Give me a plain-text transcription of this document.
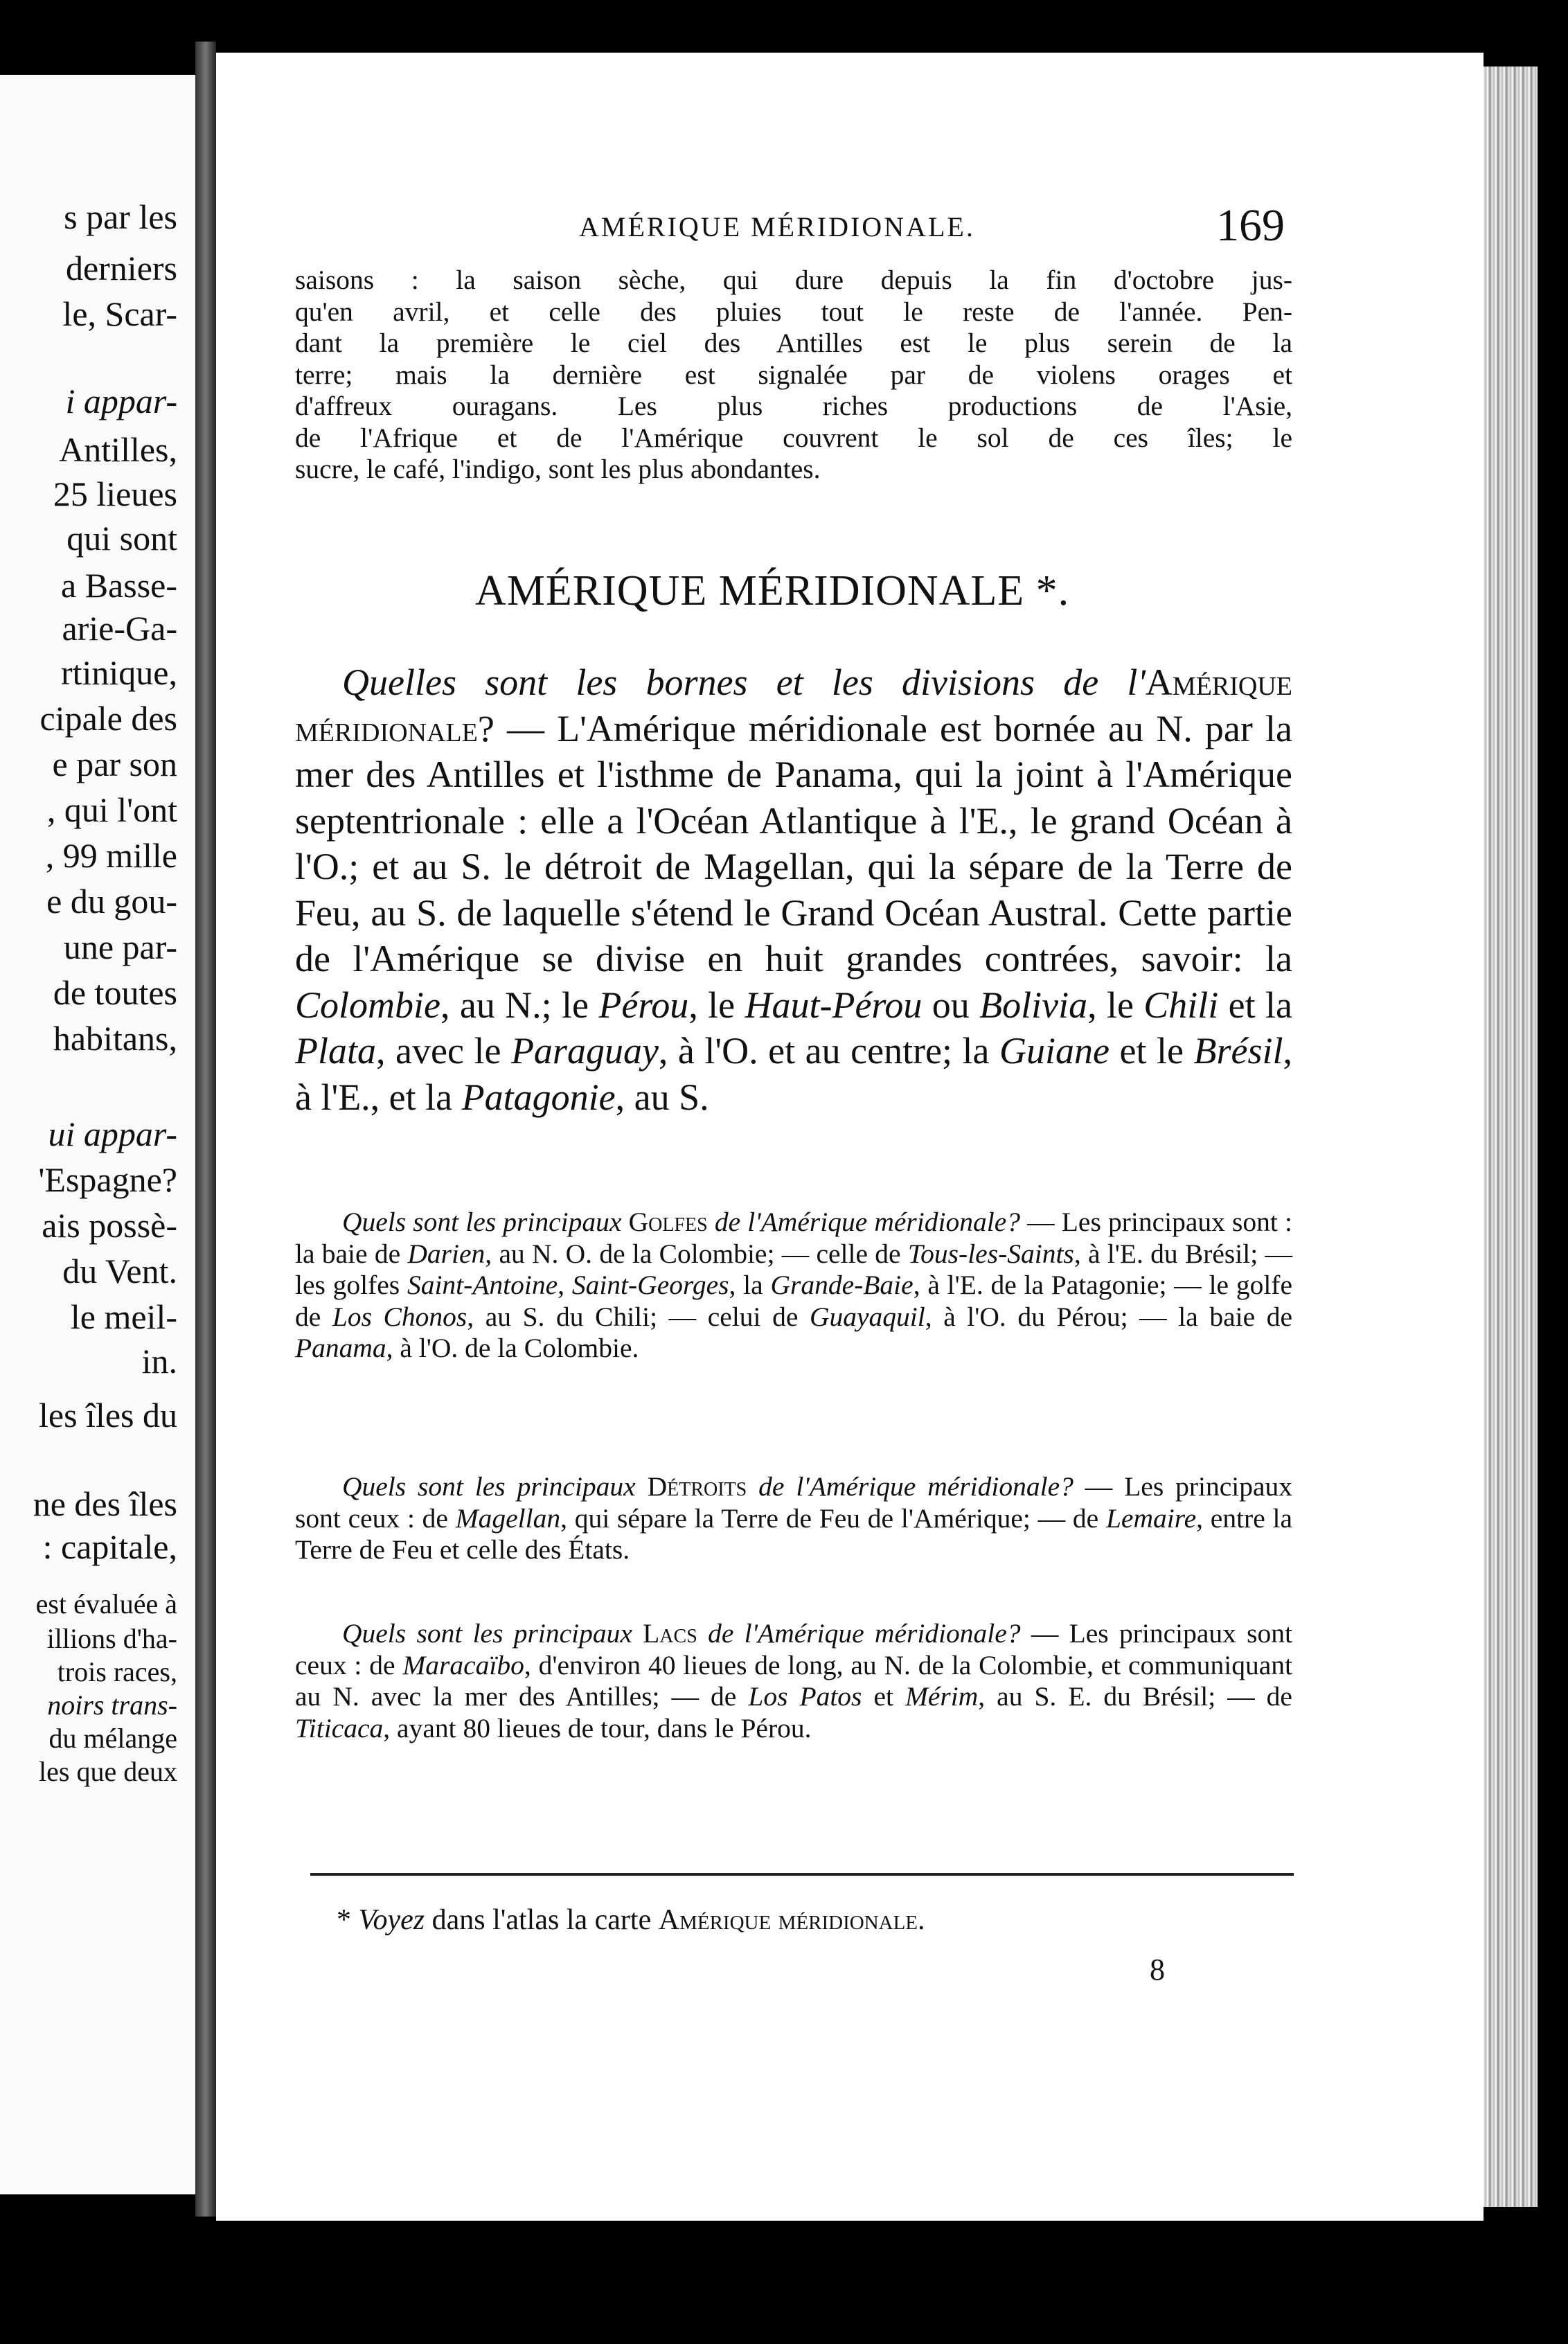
s par les
derniers
le, Scar-
i appar-
Antilles,
25 lieues
qui sont
a Basse-
arie-Ga-
rtinique,
cipale des
e par son
, qui l'ont
, 99 mille
e du gou-
une par-
de toutes
habitans,
ui appar-
'Espagne?
ais possè-
du Vent.
le meil-
in.
les îles du
ne des îles
: capitale,
est évaluée à
illions d'ha-
trois races,
noirs trans-
du mélange
les que deux
AMÉRIQUE MÉRIDIONALE.	169
saisons : la saison sèche, qui dure depuis la fin d'octobre jus-
qu'en avril, et celle des pluies tout le reste de l'année. Pen-
dant la première le ciel des Antilles est le plus serein de la
terre; mais la dernière est signalée par de violens orages et
d'affreux ouragans. Les plus riches productions de l'Asie,
de l'Afrique et de l'Amérique couvrent le sol de ces îles; le
sucre, le café, l'indigo, sont les plus abondantes.
AMÉRIQUE MÉRIDIONALE *.

Quelles sont les bornes et les divisions de l'Amérique méridionale? — L'Amérique méridionale est bornée au N. par la mer des Antilles et l'isthme de Panama, qui la joint à l'Amérique septentrionale : elle a l'Océan Atlantique à l'E., le grand Océan à l'O.; et au S. le détroit de Magellan, qui la sépare de la Terre de Feu, au S. de laquelle s'étend le Grand Océan Austral. Cette partie de l'Amérique se divise en huit grandes contrées, savoir: la Colombie, au N.; le Pérou, le Haut-Pérou ou Bolivia, le Chili et la Plata, avec le Paraguay, à l'O. et au centre; la Guiane et le Brésil, à l'E., et la Patagonie, au S.

Quels sont les principaux Golfes de l'Amérique méridionale? — Les principaux sont : la baie de Darien, au N. O. de la Colombie; — celle de Tous-les-Saints, à l'E. du Brésil; — les golfes Saint-Antoine, Saint-Georges, la Grande-Baie, à l'E. de la Patagonie; — le golfe de Los Chonos, au S. du Chili; — celui de Guayaquil, à l'O. du Pérou; — la baie de Panama, à l'O. de la Colombie.

Quels sont les principaux Détroits de l'Amérique méridionale? — Les principaux sont ceux : de Magellan, qui sépare la Terre de Feu de l'Amérique; — de Lemaire, entre la Terre de Feu et celle des États.

Quels sont les principaux Lacs de l'Amérique méridionale? — Les principaux sont ceux : de Maracaïbo, d'environ 40 lieues de long, au N. de la Colombie, et communiquant au N. avec la mer des Antilles; — de Los Patos et Mérim, au S. E. du Brésil; — de Titicaca, ayant 80 lieues de tour, dans le Pérou.

* Voyez dans l'atlas la carte Amérique méridionale.
8
